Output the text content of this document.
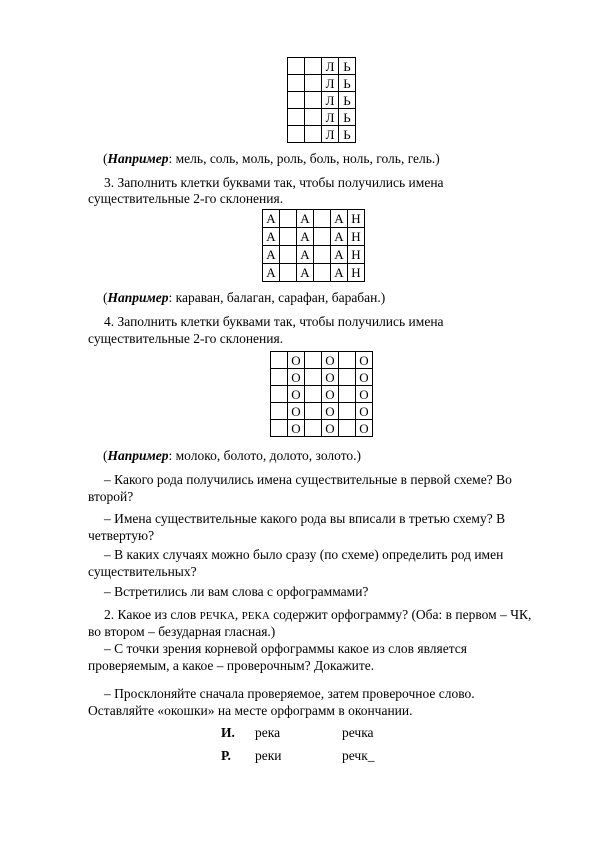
		Л	Ь
		Л	Ь
		Л	Ь
		Л	Ь
		Л	Ь
(Например: мель, соль, моль, роль, боль, ноль, голь, гель.)
3. Заполнить клетки буквами так, чтобы получились имена
существительные 2-го склонения.
А		А		А	Н
А		А		А	Н
А		А		А	Н
А		А		А	Н
(Например: караван, балаган, сарафан, барабан.)
4. Заполнить клетки буквами так, чтобы получились имена
существительные 2-го склонения.
	О		О		О
	О		О		О
	О		О		О
	О		О		О
	О		О		О
(Например: молоко, болото, долото, золото.)
– Какого рода получились имена существительные в первой схеме? Во
второй?
– Имена существительные какого рода вы вписали в третью схему? В
четвертую?
– В каких случаях можно было сразу (по схеме) определить род имен
существительных?
– Встретились ли вам слова с орфограммами?
2. Какое из слов РЕЧКА, РЕКА содержит орфограмму? (Оба: в первом – ЧК,
во втором – безударная гласная.)
– С точки зрения корневой орфограммы какое из слов является
проверяемым, а какое – проверочным? Докажите.
– Просклоняйте сначала проверяемое, затем проверочное слово.
Оставляйте «окошки» на месте орфограмм в окончании.
И. река	речка
Р. реки	речк_
